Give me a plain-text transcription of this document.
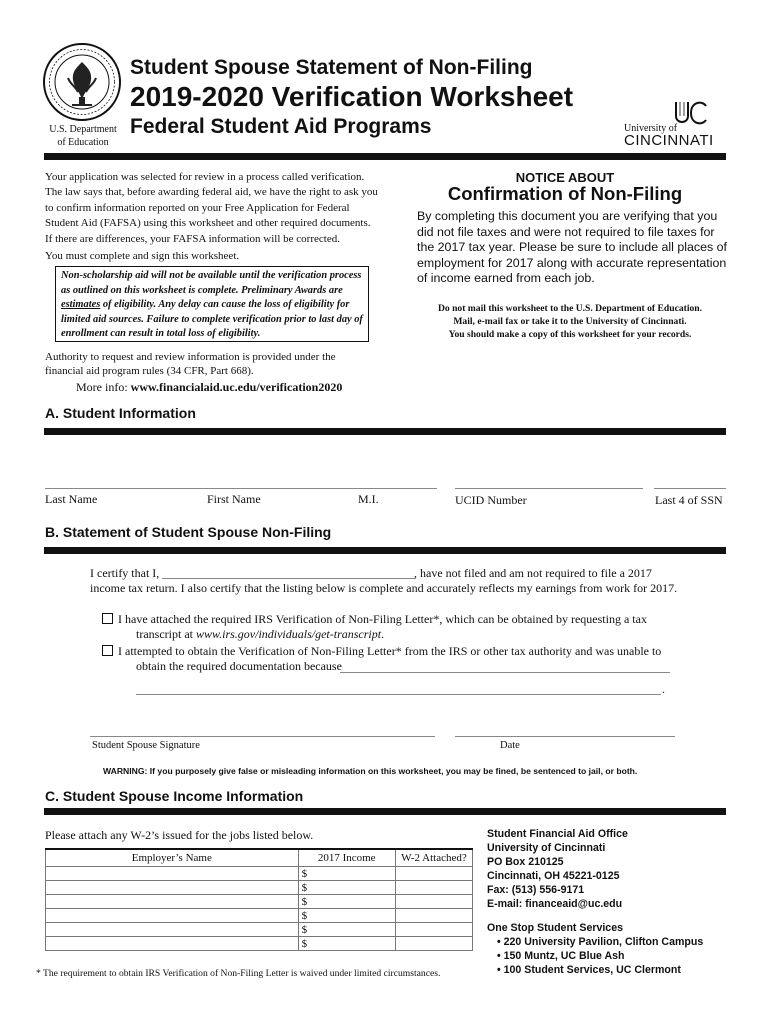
U.S. Department
of Education
Student Spouse Statement of Non-Filing
2019-2020 Verification Worksheet
Federal Student Aid Programs	University of
CINCINNATI
Your application was selected for review in a process called verification. The law says that, before awarding federal aid, we have the right to ask you to confirm information reported on your Free Application for Federal Student Aid (FAFSA) using this worksheet and other required documents. If there are differences, your FAFSA information will be corrected.
You must complete and sign this worksheet.
Non-scholarship aid will not be available until the verification process as outlined on this worksheet is complete. Preliminary Awards are estimates of eligibility. Any delay can cause the loss of eligibility for limited aid sources. Failure to complete verification prior to last day of enrollment can result in total loss of eligibility.
Authority to request and review information is provided under the financial aid program rules (34 CFR, Part 668).
More info: www.financialaid.uc.edu/verification2020
NOTICE ABOUT
Confirmation of Non-Filing
By completing this document you are verifying that you did not file taxes and were not required to file taxes for the 2017 tax year. Please be sure to include all places of employment for 2017 along with accurate representation of income earned from each job.
Do not mail this worksheet to the U.S. Department of Education.
Mail, e-mail fax or take it to the University of Cincinnati.
You should make a copy of this worksheet for your records.
A. Student Information
Last Name	First Name	M.I.	UCID Number	Last 4 of SSN
B. Statement of Student Spouse Non-Filing
I certify that I,	, have not filed and am not required to file a 2017
income tax return. I also certify that the listing below is complete and accurately reflects my earnings from work for 2017.
I have attached the required IRS Verification of Non-Filing Letter*, which can be obtained by requesting a tax
transcript at www.irs.gov/individuals/get-transcript.
I attempted to obtain the Verification of Non-Filing Letter* from the IRS or other tax authority and was unable to
obtain the required documentation because
.
Student Spouse Signature	Date
WARNING: If you purposely give false or misleading information on this worksheet, you may be fined, be sentenced to jail, or both.
C. Student Spouse Income Information
Please attach any W-2’s issued for the jobs listed below.
Employer’s Name	2017 Income	W-2 Attached?
	$	
	$	
	$	
	$	
	$	
	$	
* The requirement to obtain IRS Verification of Non-Filing Letter is waived under limited circumstances.
Student Financial Aid Office
University of Cincinnati
PO Box 210125
Cincinnati, OH 45221-0125
Fax: (513) 556-9171
E-mail: financeaid@uc.edu
One Stop Student Services
• 220 University Pavilion, Clifton Campus
• 150 Muntz, UC Blue Ash
• 100 Student Services, UC Clermont
